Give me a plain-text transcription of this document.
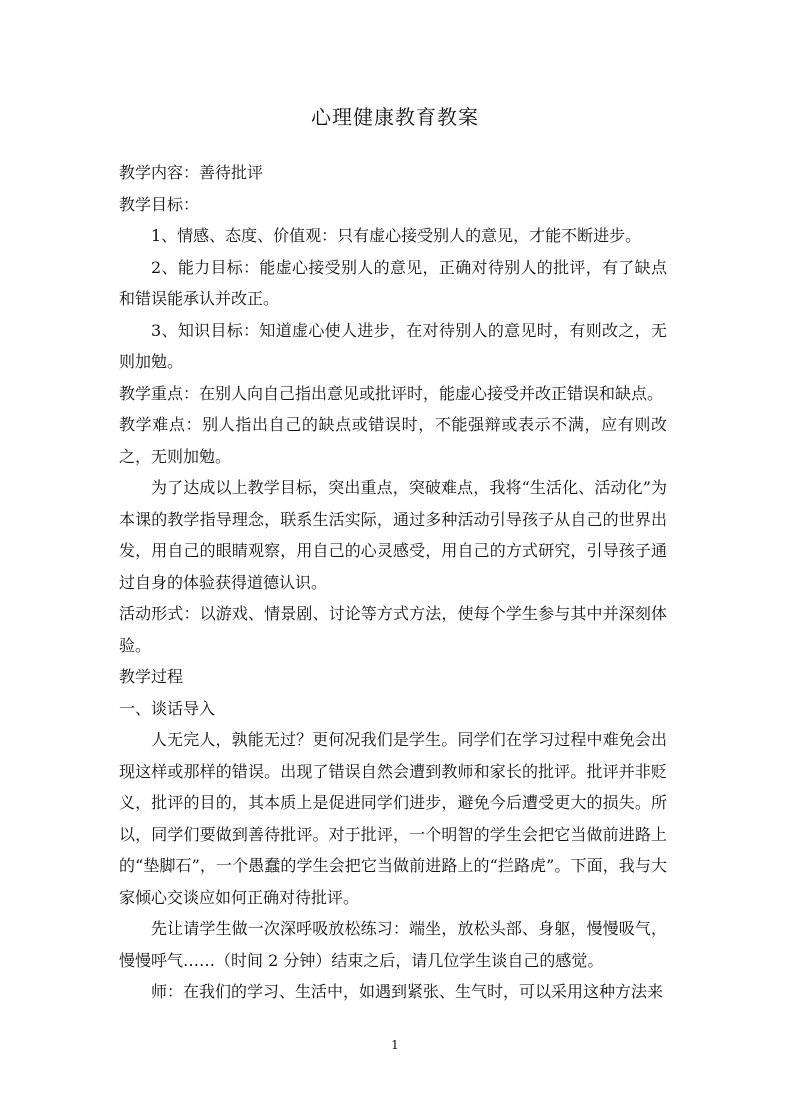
心理健康教育教案

教学内容：善待批评

教学目标：

1、情感、态度、价值观：只有虚心接受别人的意见，才能不断进步。

2、能力目标：能虚心接受别人的意见，正确对待别人的批评，有了缺点和错误能承认并改正。

3、知识目标：知道虚心使人进步，在对待别人的意见时，有则改之，无则加勉。

教学重点：在别人向自己指出意见或批评时，能虚心接受并改正错误和缺点。

教学难点：别人指出自己的缺点或错误时，不能强辩或表示不满，应有则改之，无则加勉。

为了达成以上教学目标，突出重点，突破难点，我将“生活化、活动化”为本课的教学指导理念，联系生活实际，通过多种活动引导孩子从自己的世界出发，用自己的眼睛观察，用自己的心灵感受，用自己的方式研究，引导孩子通过自身的体验获得道德认识。

活动形式：以游戏、情景剧、讨论等方式方法，使每个学生参与其中并深刻体验。

教学过程

一、谈话导入

人无完人，孰能无过？更何况我们是学生。同学们在学习过程中难免会出现这样或那样的错误。出现了错误自然会遭到教师和家长的批评。批评并非贬义，批评的目的，其本质上是促进同学们进步，避免今后遭受更大的损失。所以，同学们要做到善待批评。对于批评，一个明智的学生会把它当做前进路上的“垫脚石”，一个愚蠢的学生会把它当做前进路上的“拦路虎”。下面，我与大家倾心交谈应如何正确对待批评。

先让请学生做一次深呼吸放松练习：端坐，放松头部、身躯，慢慢吸气，慢慢呼气……（时间 2 分钟）结束之后，请几位学生谈自己的感觉。

师：在我们的学习、生活中，如遇到紧张、生气时，可以采用这种方法来

1
